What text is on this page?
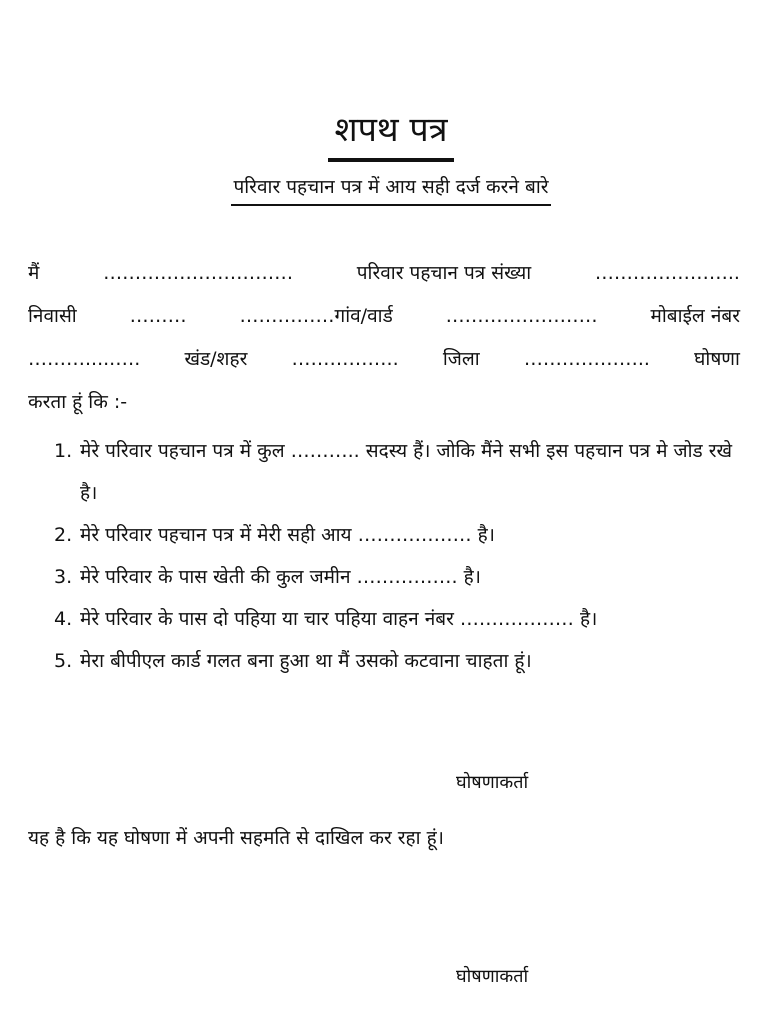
शपथ पत्र
परिवार पहचान पत्र में आय सही दर्ज करने बारे
मैं	…………………………	परिवार पहचान पत्र संख्या	…………………..
निवासी	………	……………गांव/वार्ड	……………………	मोबाईल नंबर
……….....…. खंड/शहर …………….. जिला ……………….. घोषणा
करता हूं कि :-
1. मेरे परिवार पहचान पत्र में कुल ……….. सदस्य हैं। जोकि मैंने सभी इस पहचान पत्र मे जोड रखे है।
2. मेरे परिवार पहचान पत्र में मेरी सही आय ……………… है।
3. मेरे परिवार के पास खेती की कुल जमीन ……………. है।
4. मेरे परिवार के पास दो पहिया या चार पहिया वाहन नंबर ……………… है।
5. मेरा बीपीएल कार्ड गलत बना हुआ था मैं उसको कटवाना चाहता हूं।
घोषणाकर्ता
यह है कि यह घोषणा में अपनी सहमति से दाखिल कर रहा हूं।
घोषणाकर्ता
